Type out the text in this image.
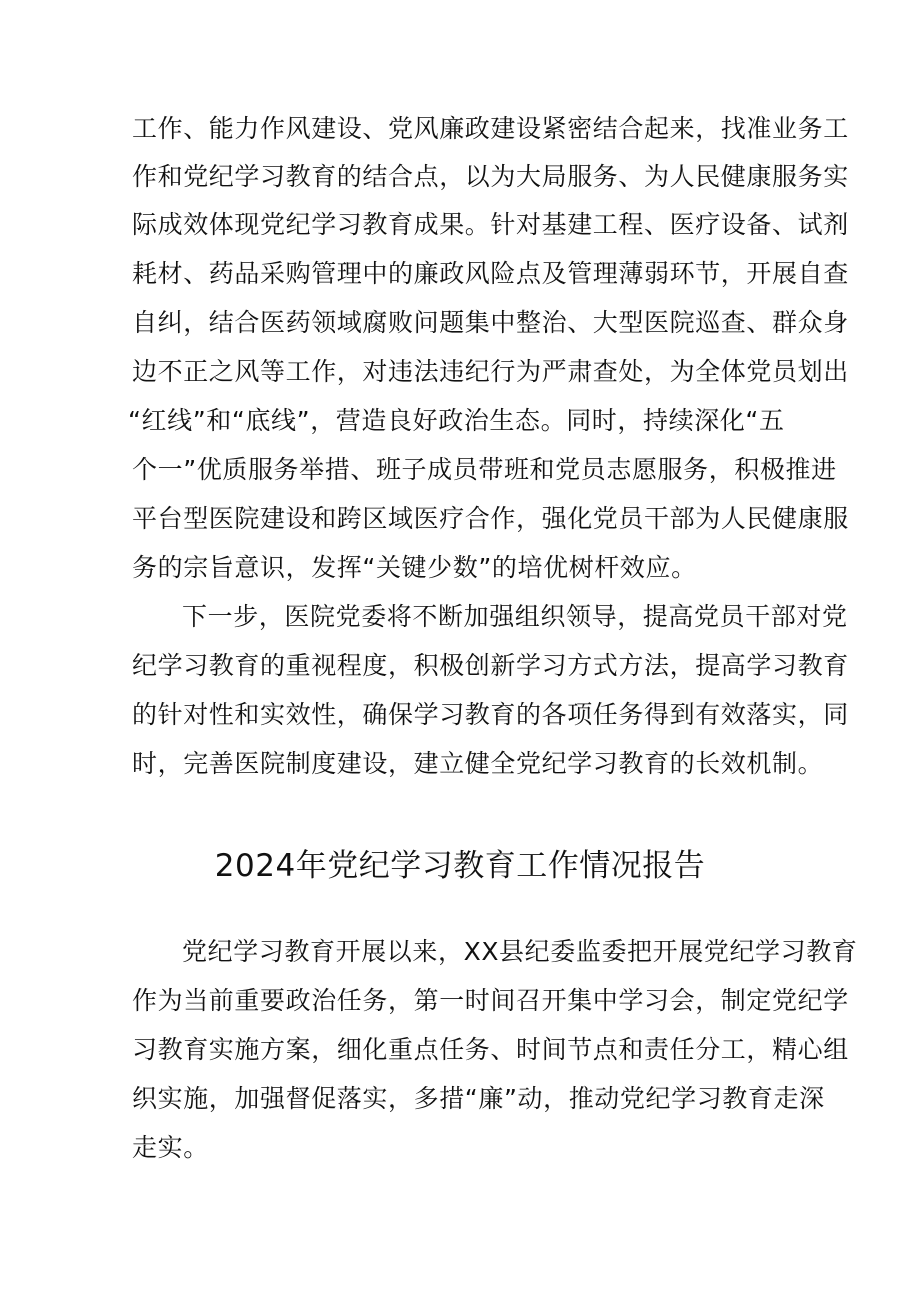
工作、能力作风建设、党风廉政建设紧密结合起来，找准业务工
作和党纪学习教育的结合点，以为大局服务、为人民健康服务实
际成效体现党纪学习教育成果。针对基建工程、医疗设备、试剂
耗材、药品采购管理中的廉政风险点及管理薄弱环节，开展自查
自纠，结合医药领域腐败问题集中整治、大型医院巡查、群众身
边不正之风等工作，对违法违纪行为严肃查处，为全体党员划出
“红线”和“底线”，营造良好政治生态。同时，持续深化“五
个一”优质服务举措、班子成员带班和党员志愿服务，积极推进
平台型医院建设和跨区域医疗合作，强化党员干部为人民健康服
务的宗旨意识，发挥“关键少数”的培优树杆效应。
下一步，医院党委将不断加强组织领导，提高党员干部对党
纪学习教育的重视程度，积极创新学习方式方法，提高学习教育
的针对性和实效性，确保学习教育的各项任务得到有效落实，同
时，完善医院制度建设，建立健全党纪学习教育的长效机制。
2024年党纪学习教育工作情况报告
党纪学习教育开展以来，XX县纪委监委把开展党纪学习教育
作为当前重要政治任务，第一时间召开集中学习会，制定党纪学
习教育实施方案，细化重点任务、时间节点和责任分工，精心组
织实施，加强督促落实，多措“廉”动，推动党纪学习教育走深
走实。
